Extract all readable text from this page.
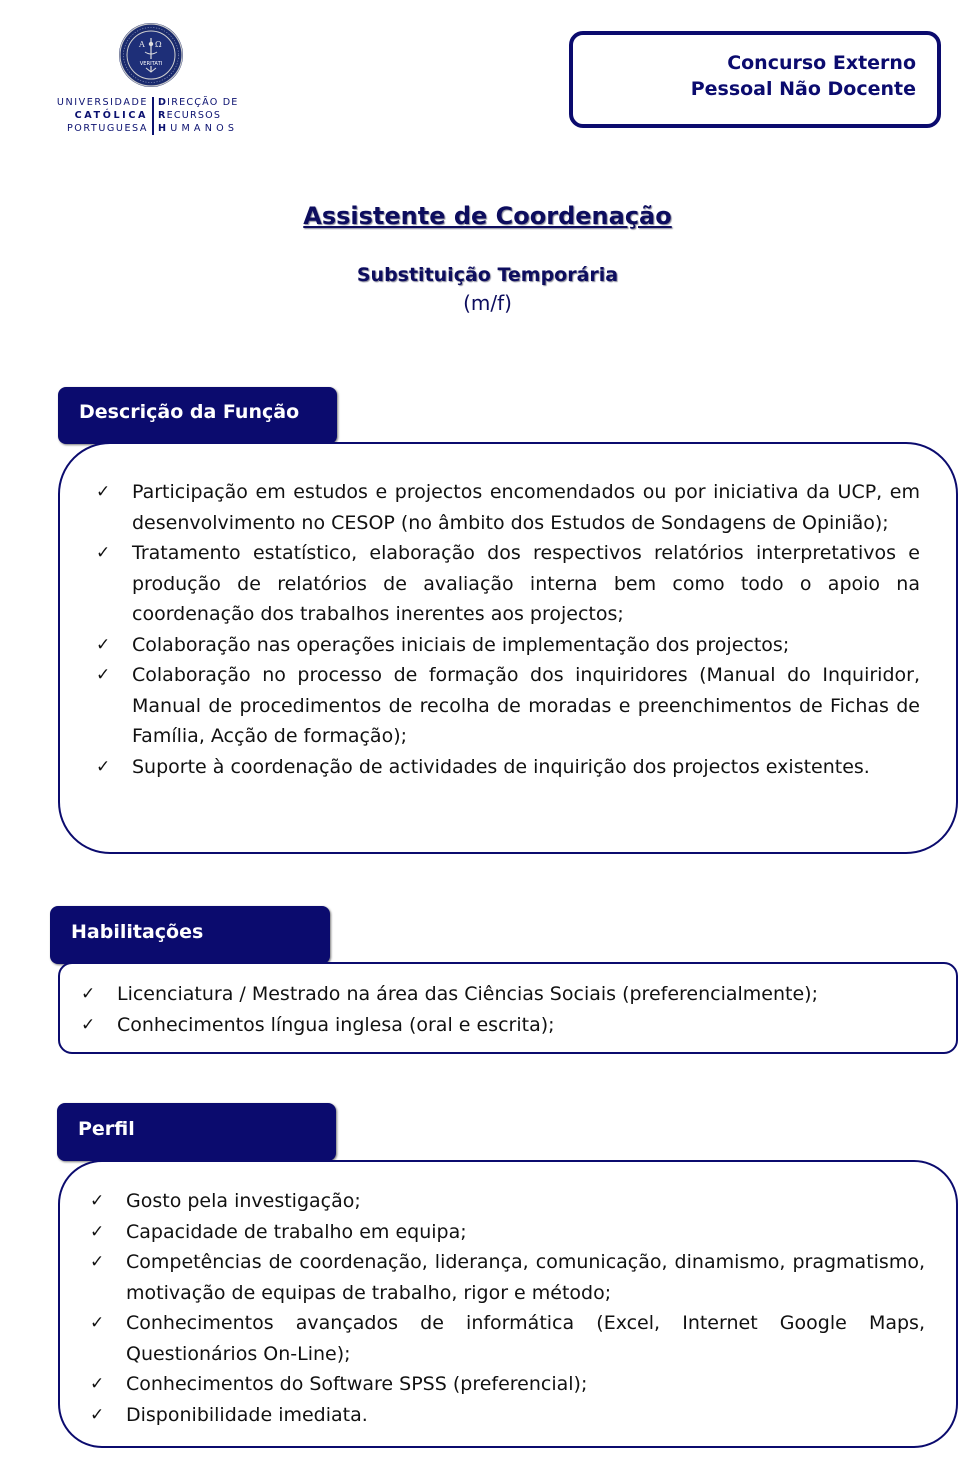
A Ω
VERITATI
UNIVERSIDADE
CATÓLICA
PORTUGUESA
DIRECÇÃO DE
RECURSOS
HUMANOS
Concurso Externo
Pessoal Não Docente
Assistente de Coordenação
Substituição Temporária
(m/f)
Descrição da Função
✓ Participação em estudos e projectos encomendados ou por iniciativa da UCP, em desenvolvimento no CESOP (no âmbito dos Estudos de Sondagens de Opinião);
✓ Tratamento estatístico, elaboração dos respectivos relatórios interpretativos e produção de relatórios de avaliação interna bem como todo o apoio na coordenação dos trabalhos inerentes aos projectos;
✓ Colaboração nas operações iniciais de implementação dos projectos;
✓ Colaboração no processo de formação dos inquiridores (Manual do Inquiridor, Manual de procedimentos de recolha de moradas e preenchimentos de Fichas de Família, Acção de formação);
✓ Suporte à coordenação de actividades de inquirição dos projectos existentes.
Habilitações
✓ Licenciatura / Mestrado na área das Ciências Sociais (preferencialmente);
✓ Conhecimentos língua inglesa (oral e escrita);
Perfil
✓ Gosto pela investigação;
✓ Capacidade de trabalho em equipa;
✓ Competências de coordenação, liderança, comunicação, dinamismo, pragmatismo, motivação de equipas de trabalho, rigor e método;
✓ Conhecimentos avançados de informática (Excel, Internet Google Maps, Questionários On-Line);
✓ Conhecimentos do Software SPSS (preferencial);
✓ Disponibilidade imediata.
